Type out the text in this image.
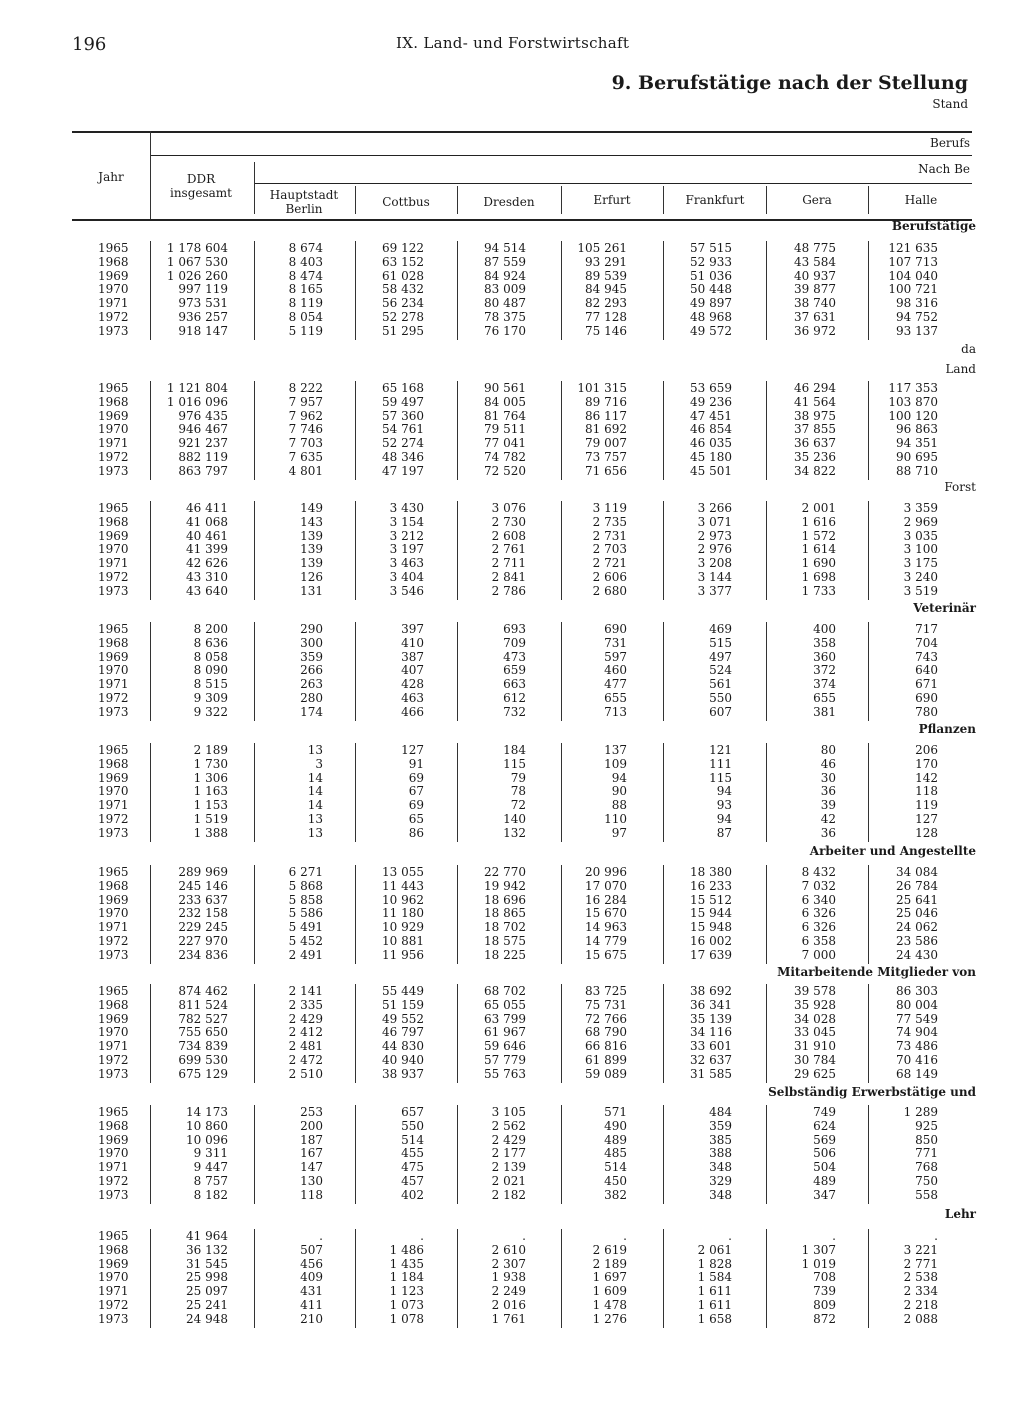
196	IX. Land- und Forstwirtschaft
9. Berufstätige nach der Stellung
Stand
Jahr
Berufs
Nach Be
DDR insgesamt	Hauptstadt Berlin	Cottbus	Dresden	Erfurt	Frankfurt	Gera	Halle
Berufstätige
1965	1 178 604	8 674	69 122	94 514	105 261	57 515	48 775	121 635
1968	1 067 530	8 403	63 152	87 559	93 291	52 933	43 584	107 713
1969	1 026 260	8 474	61 028	84 924	89 539	51 036	40 937	104 040
1970	997 119	8 165	58 432	83 009	84 945	50 448	39 877	100 721
1971	973 531	8 119	56 234	80 487	82 293	49 897	38 740	98 316
1972	936 257	8 054	52 278	78 375	77 128	48 968	37 631	94 752
1973	918 147	5 119	51 295	76 170	75 146	49 572	36 972	93 137
da
Land
1965	1 121 804	8 222	65 168	90 561	101 315	53 659	46 294	117 353
1968	1 016 096	7 957	59 497	84 005	89 716	49 236	41 564	103 870
1969	976 435	7 962	57 360	81 764	86 117	47 451	38 975	100 120
1970	946 467	7 746	54 761	79 511	81 692	46 854	37 855	96 863
1971	921 237	7 703	52 274	77 041	79 007	46 035	36 637	94 351
1972	882 119	7 635	48 346	74 782	73 757	45 180	35 236	90 695
1973	863 797	4 801	47 197	72 520	71 656	45 501	34 822	88 710
Forst
1965	46 411	149	3 430	3 076	3 119	3 266	2 001	3 359
1968	41 068	143	3 154	2 730	2 735	3 071	1 616	2 969
1969	40 461	139	3 212	2 608	2 731	2 973	1 572	3 035
1970	41 399	139	3 197	2 761	2 703	2 976	1 614	3 100
1971	42 626	139	3 463	2 711	2 721	3 208	1 690	3 175
1972	43 310	126	3 404	2 841	2 606	3 144	1 698	3 240
1973	43 640	131	3 546	2 786	2 680	3 377	1 733	3 519
Veterinär
1965	8 200	290	397	693	690	469	400	717
1968	8 636	300	410	709	731	515	358	704
1969	8 058	359	387	473	597	497	360	743
1970	8 090	266	407	659	460	524	372	640
1971	8 515	263	428	663	477	561	374	671
1972	9 309	280	463	612	655	550	655	690
1973	9 322	174	466	732	713	607	381	780
Pflanzen
1965	2 189	13	127	184	137	121	80	206
1968	1 730	3	91	115	109	111	46	170
1969	1 306	14	69	79	94	115	30	142
1970	1 163	14	67	78	90	94	36	118
1971	1 153	14	69	72	88	93	39	119
1972	1 519	13	65	140	110	94	42	127
1973	1 388	13	86	132	97	87	36	128
Arbeiter und Angestellte
1965	289 969	6 271	13 055	22 770	20 996	18 380	8 432	34 084
1968	245 146	5 868	11 443	19 942	17 070	16 233	7 032	26 784
1969	233 637	5 858	10 962	18 696	16 284	15 512	6 340	25 641
1970	232 158	5 586	11 180	18 865	15 670	15 944	6 326	25 046
1971	229 245	5 491	10 929	18 702	14 963	15 948	6 326	24 062
1972	227 970	5 452	10 881	18 575	14 779	16 002	6 358	23 586
1973	234 836	2 491	11 956	18 225	15 675	17 639	7 000	24 430
Mitarbeitende Mitglieder von
1965	874 462	2 141	55 449	68 702	83 725	38 692	39 578	86 303
1968	811 524	2 335	51 159	65 055	75 731	36 341	35 928	80 004
1969	782 527	2 429	49 552	63 799	72 766	35 139	34 028	77 549
1970	755 650	2 412	46 797	61 967	68 790	34 116	33 045	74 904
1971	734 839	2 481	44 830	59 646	66 816	33 601	31 910	73 486
1972	699 530	2 472	40 940	57 779	61 899	32 637	30 784	70 416
1973	675 129	2 510	38 937	55 763	59 089	31 585	29 625	68 149
Selbständig Erwerbstätige und
1965	14 173	253	657	3 105	571	484	749	1 289
1968	10 860	200	550	2 562	490	359	624	925
1969	10 096	187	514	2 429	489	385	569	850
1970	9 311	167	455	2 177	485	388	506	771
1971	9 447	147	475	2 139	514	348	504	768
1972	8 757	130	457	2 021	450	329	489	750
1973	8 182	118	402	2 182	382	348	347	558
Lehr
1965	41 964	.	.	.	.	.	.	.
1968	36 132	507	1 486	2 610	2 619	2 061	1 307	3 221
1969	31 545	456	1 435	2 307	2 189	1 828	1 019	2 771
1970	25 998	409	1 184	1 938	1 697	1 584	708	2 538
1971	25 097	431	1 123	2 249	1 609	1 611	739	2 334
1972	25 241	411	1 073	2 016	1 478	1 611	809	2 218
1973	24 948	210	1 078	1 761	1 276	1 658	872	2 088
